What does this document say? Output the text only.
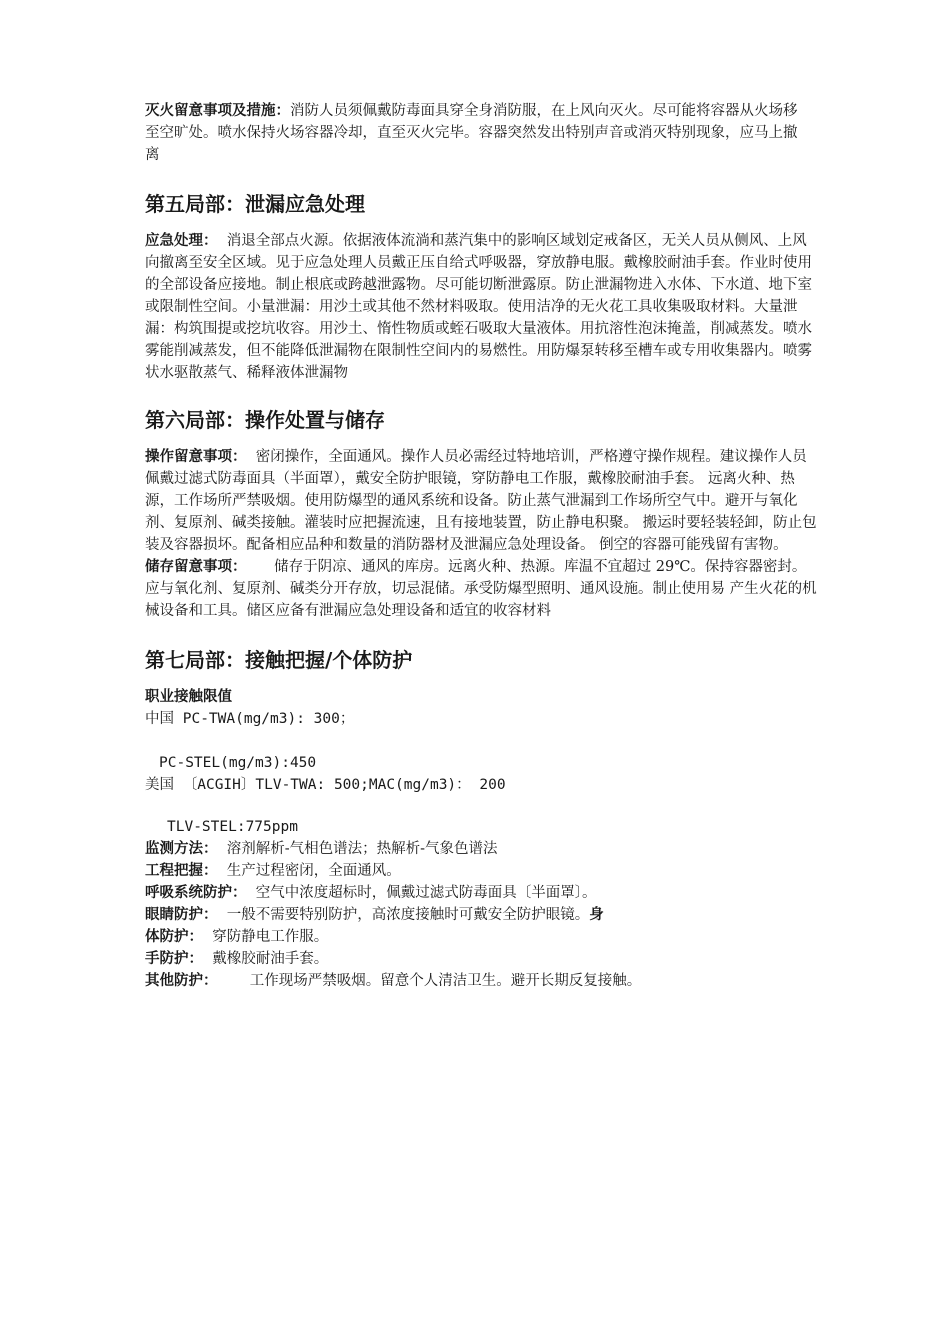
灭火留意事项及措施：消防人员须佩戴防毒面具穿全身消防服，在上风向灭火。尽可能将容器从火场移至空旷处。喷水保持火场容器冷却，直至灭火完毕。容器突然发出特别声音或消灭特别现象，应马上撤离

第五局部：泄漏应急处理

应急处理： 消退全部点火源。依据液体流淌和蒸汽集中的影响区域划定戒备区，无关人员从侧风、上风向撤离至安全区域。见于应急处理人员戴正压自给式呼吸器，穿放静电服。戴橡胶耐油手套。作业时使用的全部设备应接地。制止根底或跨越泄露物。尽可能切断泄露原。防止泄漏物进入水体、下水道、地下室或限制性空间。小量泄漏：用沙土或其他不然材料吸取。使用洁净的无火花工具收集吸取材料。大量泄漏：构筑围提或挖坑收容。用沙土、惰性物质或蛭石吸取大量液体。用抗溶性泡沫掩盖，削减蒸发。喷水雾能削减蒸发，但不能降低泄漏物在限制性空间内的易燃性。用防爆泵转移至槽车或专用收集器内。喷雾状水驱散蒸气、稀释液体泄漏物

第六局部：操作处置与储存

操作留意事项： 密闭操作，全面通风。操作人员必需经过特地培训，严格遵守操作规程。建议操作人员佩戴过滤式防毒面具（半面罩），戴安全防护眼镜，穿防静电工作服，戴橡胶耐油手套。 远离火种、热源，工作场所严禁吸烟。使用防爆型的通风系统和设备。防止蒸气泄漏到工作场所空气中。避开与氧化剂、复原剂、碱类接触。灌装时应把握流速，且有接地装置，防止静电积聚。 搬运时要轻装轻卸，防止包装及容器损坏。配备相应品种和数量的消防器材及泄漏应急处理设备。 倒空的容器可能残留有害物。

储存留意事项： 储存于阴凉、通风的库房。远离火种、热源。库温不宜超过 29℃。保持容器密封。应与氧化剂、复原剂、碱类分开存放，切忌混储。承受防爆型照明、通风设施。制止使用易 产生火花的机械设备和工具。储区应备有泄漏应急处理设备和适宜的收容材料

第七局部：接触把握/个体防护

职业接触限值

中国 PC-TWA(mg/m3): 300；

PC-STEL(mg/m3):450

美国 〔ACGIH〕TLV-TWA: 500;MAC(mg/m3)： 200

TLV-STEL:775ppm

监测方法： 溶剂解析-气相色谱法；热解析-气象色谱法

工程把握： 生产过程密闭，全面通风。

呼吸系统防护： 空气中浓度超标时，佩戴过滤式防毒面具〔半面罩〕。

眼睛防护： 一般不需要特别防护，高浓度接触时可戴安全防护眼镜。身

体防护： 穿防静电工作服。

手防护： 戴橡胶耐油手套。

其他防护： 工作现场严禁吸烟。留意个人清洁卫生。避开长期反复接触。
